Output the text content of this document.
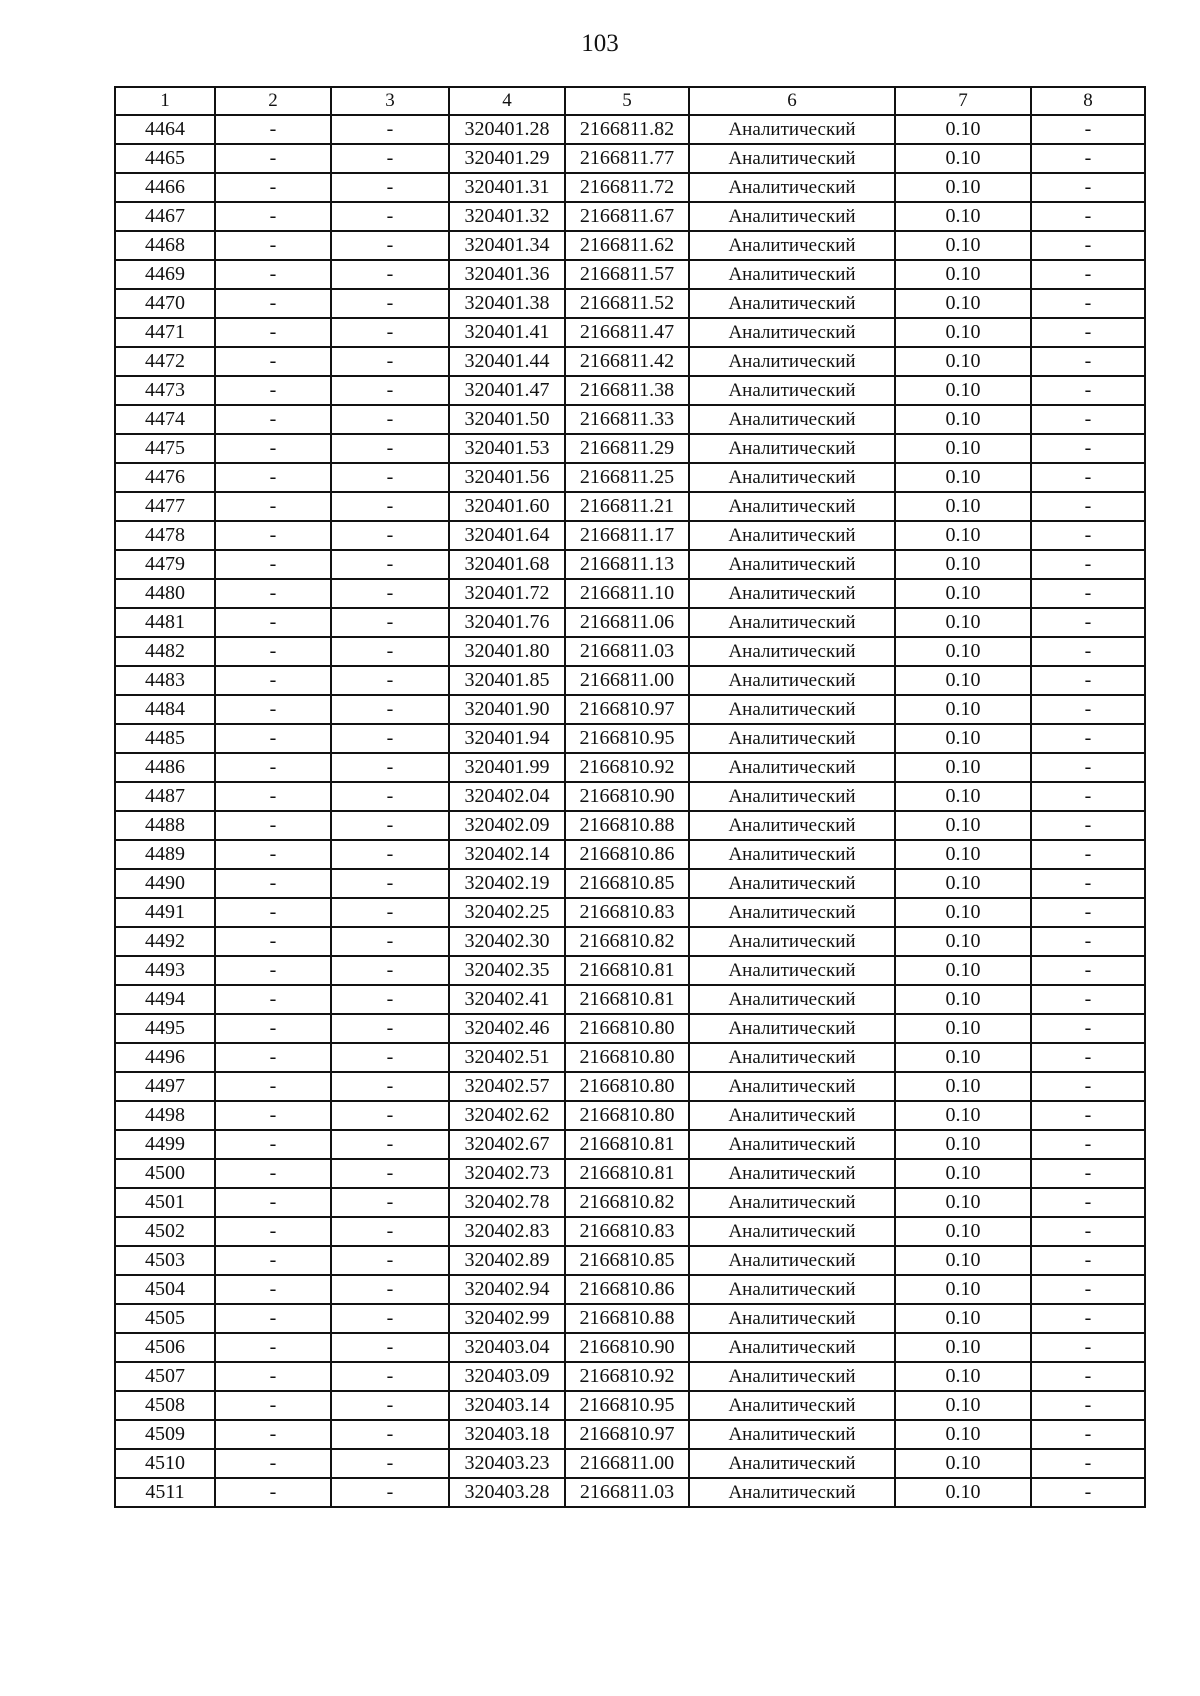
103
1	2	3	4	5	6	7	8
4464	-	-	320401.28	2166811.82	Аналитический	0.10	-
4465	-	-	320401.29	2166811.77	Аналитический	0.10	-
4466	-	-	320401.31	2166811.72	Аналитический	0.10	-
4467	-	-	320401.32	2166811.67	Аналитический	0.10	-
4468	-	-	320401.34	2166811.62	Аналитический	0.10	-
4469	-	-	320401.36	2166811.57	Аналитический	0.10	-
4470	-	-	320401.38	2166811.52	Аналитический	0.10	-
4471	-	-	320401.41	2166811.47	Аналитический	0.10	-
4472	-	-	320401.44	2166811.42	Аналитический	0.10	-
4473	-	-	320401.47	2166811.38	Аналитический	0.10	-
4474	-	-	320401.50	2166811.33	Аналитический	0.10	-
4475	-	-	320401.53	2166811.29	Аналитический	0.10	-
4476	-	-	320401.56	2166811.25	Аналитический	0.10	-
4477	-	-	320401.60	2166811.21	Аналитический	0.10	-
4478	-	-	320401.64	2166811.17	Аналитический	0.10	-
4479	-	-	320401.68	2166811.13	Аналитический	0.10	-
4480	-	-	320401.72	2166811.10	Аналитический	0.10	-
4481	-	-	320401.76	2166811.06	Аналитический	0.10	-
4482	-	-	320401.80	2166811.03	Аналитический	0.10	-
4483	-	-	320401.85	2166811.00	Аналитический	0.10	-
4484	-	-	320401.90	2166810.97	Аналитический	0.10	-
4485	-	-	320401.94	2166810.95	Аналитический	0.10	-
4486	-	-	320401.99	2166810.92	Аналитический	0.10	-
4487	-	-	320402.04	2166810.90	Аналитический	0.10	-
4488	-	-	320402.09	2166810.88	Аналитический	0.10	-
4489	-	-	320402.14	2166810.86	Аналитический	0.10	-
4490	-	-	320402.19	2166810.85	Аналитический	0.10	-
4491	-	-	320402.25	2166810.83	Аналитический	0.10	-
4492	-	-	320402.30	2166810.82	Аналитический	0.10	-
4493	-	-	320402.35	2166810.81	Аналитический	0.10	-
4494	-	-	320402.41	2166810.81	Аналитический	0.10	-
4495	-	-	320402.46	2166810.80	Аналитический	0.10	-
4496	-	-	320402.51	2166810.80	Аналитический	0.10	-
4497	-	-	320402.57	2166810.80	Аналитический	0.10	-
4498	-	-	320402.62	2166810.80	Аналитический	0.10	-
4499	-	-	320402.67	2166810.81	Аналитический	0.10	-
4500	-	-	320402.73	2166810.81	Аналитический	0.10	-
4501	-	-	320402.78	2166810.82	Аналитический	0.10	-
4502	-	-	320402.83	2166810.83	Аналитический	0.10	-
4503	-	-	320402.89	2166810.85	Аналитический	0.10	-
4504	-	-	320402.94	2166810.86	Аналитический	0.10	-
4505	-	-	320402.99	2166810.88	Аналитический	0.10	-
4506	-	-	320403.04	2166810.90	Аналитический	0.10	-
4507	-	-	320403.09	2166810.92	Аналитический	0.10	-
4508	-	-	320403.14	2166810.95	Аналитический	0.10	-
4509	-	-	320403.18	2166810.97	Аналитический	0.10	-
4510	-	-	320403.23	2166811.00	Аналитический	0.10	-
4511	-	-	320403.28	2166811.03	Аналитический	0.10	-
